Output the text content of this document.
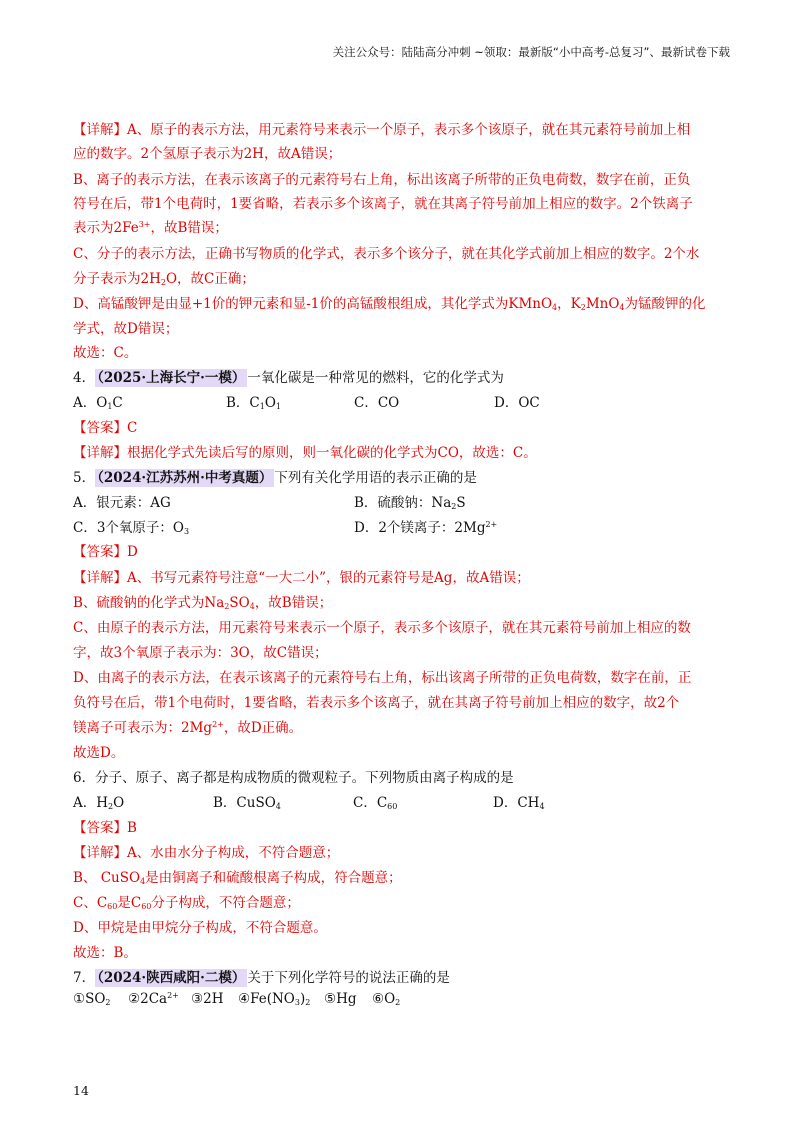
关注公众号：陆陆高分冲刺 ~领取：最新版“小中高考-总复习”、最新试卷下载
【详解】A、原子的表示方法，用元素符号来表示一个原子，表示多个该原子，就在其元素符号前加上相
应的数字。2个氢原子表示为2H，故A错误；
B、离子的表示方法，在表示该离子的元素符号右上角，标出该离子所带的正负电荷数，数字在前，正负
符号在后，带1个电荷时，1要省略，若表示多个该离子，就在其离子符号前加上相应的数字。2个铁离子
表示为$2Fe^{3+}$，故B错误；
C、分子的表示方法，正确书写物质的化学式，表示多个该分子，就在其化学式前加上相应的数字。2个水
分子表示为$2H_2O$，故C正确；
D、高锰酸钾是由显+1价的钾元素和显-1价的高锰酸根组成，其化学式为KMnO$_4$，$K_2MnO_4$为锰酸钾的化
学式，故D错误；
故选：C。
4． （2025·上海长宁·一模） 一氧化碳是一种常见的燃料，它的化学式为
A．$O_1C$	B．$C_1O_1$	C．CO	D．OC
【答案】C
【详解】根据化学式先读后写的原则，则一氧化碳的化学式为CO，故选：C。
5． （2024·江苏苏州·中考真题） 下列有关化学用语的表示正确的是
A．银元素：AG	B．硫酸钠：$Na_2S$
C．3个氧原子：$O_3$	D．2个镁离子：$2Mg^{2+}$
【答案】D
【详解】A、书写元素符号注意“一大二小”，银的元素符号是Ag，故A错误；
B、硫酸钠的化学式为$Na_2SO_4$，故B错误；
C、由原子的表示方法，用元素符号来表示一个原子，表示多个该原子，就在其元素符号前加上相应的数
字，故3个氧原子表示为：3O，故C错误；
D、由离子的表示方法，在表示该离子的元素符号右上角，标出该离子所带的正负电荷数，数字在前，正
负符号在后，带1个电荷时，1要省略，若表示多个该离子，就在其离子符号前加上相应的数字，故2个
镁离子可表示为：$2Mg^{2+}$，故D正确。
故选D。
6．分子、原子、离子都是构成物质的微观粒子。下列物质由离子构成的是
A．$H_2O$	B．CuSO$_4$	C．$C_{60}$	D．$CH_4$
【答案】B
【详解】A、水由水分子构成，不符合题意；
B、 CuSO$_4$是由铜离子和硫酸根离子构成，符合题意；
C、$C_{60}$是$C_{60}$分子构成，不符合题意；
D、甲烷是由甲烷分子构成，不符合题意。
故选：B。
7． （2024·陕西咸阳·二模） 关于下列化学符号的说法正确的是
$①SO_2$ $②2Ca^{2+}$ ③2H $④Fe(NO_3)_2$ ⑤Hg $⑥O_2$
14
